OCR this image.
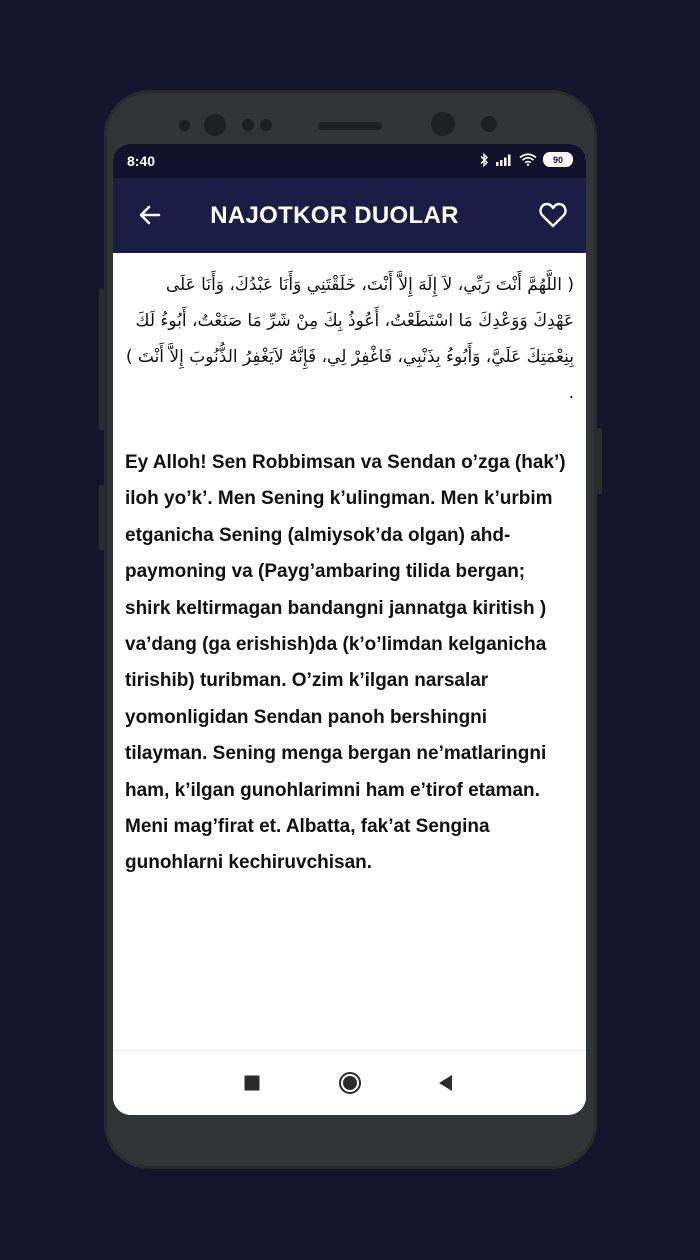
8:40	90
NAJOTKOR DUOLAR

( اللَّهُمَّ أَنْتَ رَبِّي، لاَ إِلَهَ إِلاَّ أَنْتَ، خَلَقْتَنِي وَأَنَا عَبْدُكَ، وَأَنَا عَلَى عَهْدِكَ وَوَعْدِكَ مَا اسْتَطَعْتُ، أَعُوذُ بِكَ مِنْ شَرِّ مَا صَنَعْتُ، أَبُوءُ لَكَ بِنِعْمَتِكَ عَلَيَّ، وَأَبُوءُ بِذَنْبِي، فَاغْفِرْ لِي، فَإِنَّهُ لاَيَغْفِرُ الذُّنُوبَ إِلاَّ أَنْتَ ) .

Ey Alloh! Sen Robbimsan va Sendan o’zga (hak’) iloh yo’k’. Men Sening k’ulingman. Men k’urbim etganicha Sening (almiysok’da olgan) ahd-paymoning va (Payg’ambaring tilida bergan; shirk keltirmagan bandangni jannatga kiritish ) va’dang (ga erishish)da (k’o’limdan kelganicha tirishib) turibman. O’zim k’ilgan narsalar yomonligidan Sendan panoh bershingni tilayman. Sening menga bergan ne’matlaringni ham, k’ilgan gunohlarimni ham e’tirof etaman. Meni mag’firat et. Albatta, fak’at Sengina gunohlarni kechiruvchisan.
